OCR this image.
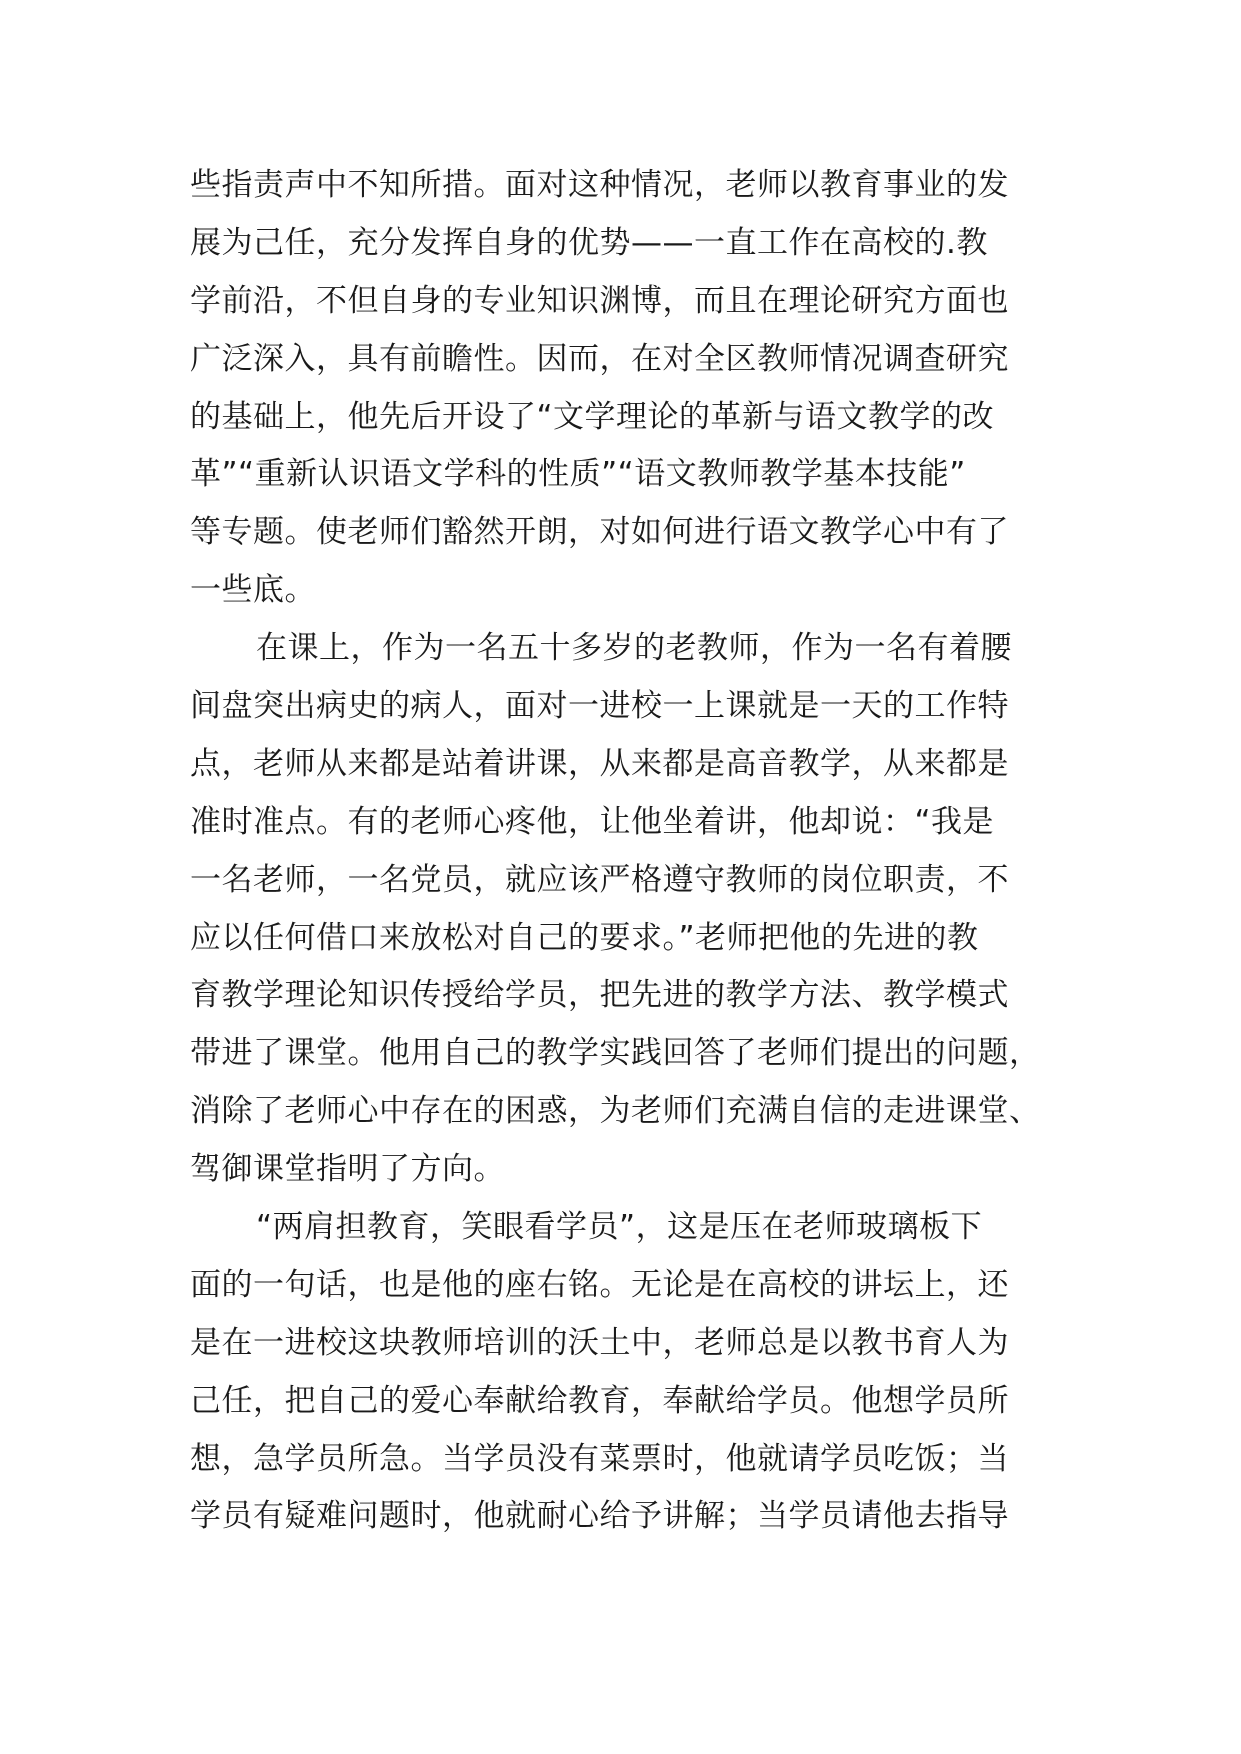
些指责声中不知所措。面对这种情况，老师以教育事业的发
展为己任，充分发挥自身的优势——一直工作在高校的.教
学前沿，不但自身的专业知识渊博，而且在理论研究方面也
广泛深入，具有前瞻性。因而，在对全区教师情况调查研究
的基础上，他先后开设了“文学理论的革新与语文教学的改
革”“重新认识语文学科的性质”“语文教师教学基本技能”
等专题。使老师们豁然开朗，对如何进行语文教学心中有了
一些底。
在课上，作为一名五十多岁的老教师，作为一名有着腰
间盘突出病史的病人，面对一进校一上课就是一天的工作特
点，老师从来都是站着讲课，从来都是高音教学，从来都是
准时准点。有的老师心疼他，让他坐着讲，他却说：“我是
一名老师，一名党员，就应该严格遵守教师的岗位职责，不
应以任何借口来放松对自己的要求。”老师把他的先进的教
育教学理论知识传授给学员，把先进的教学方法、教学模式
带进了课堂。他用自己的教学实践回答了老师们提出的问题，
消除了老师心中存在的困惑，为老师们充满自信的走进课堂、
驾御课堂指明了方向。
“两肩担教育，笑眼看学员”，这是压在老师玻璃板下
面的一句话，也是他的座右铭。无论是在高校的讲坛上，还
是在一进校这块教师培训的沃土中，老师总是以教书育人为
己任，把自己的爱心奉献给教育，奉献给学员。他想学员所
想，急学员所急。当学员没有菜票时，他就请学员吃饭；当
学员有疑难问题时，他就耐心给予讲解；当学员请他去指导
